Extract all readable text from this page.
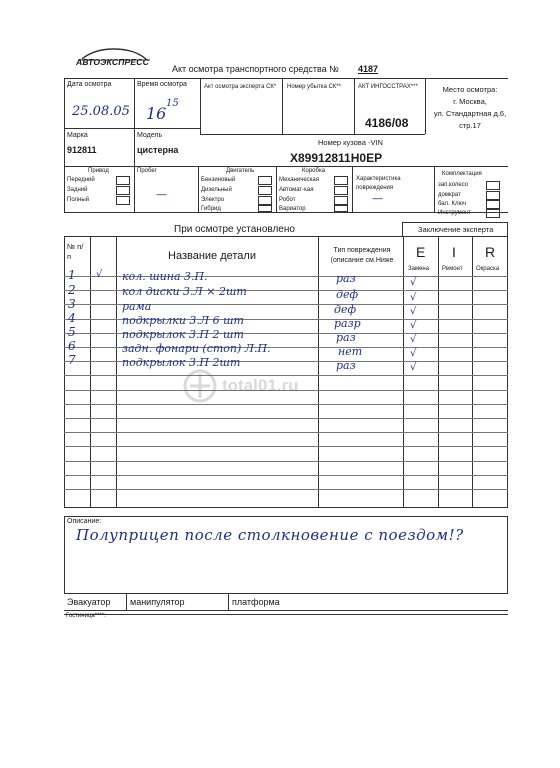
АВТОЭКСПРЕСС
Акт осмотра транспортного средства № 4187
Дата осмотра
25.08.05
Время осмотра
16
15
Акт осмотра эксперта СК* Номер убытка СК**	АКТ ИНГОССТРАХ***
4186/08
Место осмотра:
г. Москва,
ул. Стандартная д.6,
стр.17
Марка
912811
Модель
цистерна
Номер кузова -VIN
X89912811H0EP
Привод
Передний
Задний
Полный
Пробег
—
Двигатель
Бензиновый
Дизельный
Электро
Гибрид
Коробка
Механическая
Автомат-кая
Робот
Вариатор
Характеристика повреждения
—
Комплектация
зап.колесо
домкрат
бал. Ключ
Инструмент
При осмотре установлено	Заключение эксперта
№ п/п	Название детали	Тип повреждения (описание см.Ниже
E I R
Замена Ремонт Окраска
1 √ кол. шина 3.П.	раз	√
2	кол диски 3.Л × 2шт	деф	√
3	рама	деф	√
4	подкрылки 3.Л 6 шт	разр	√
5	подкрылок 3.П 2 шт	раз	√
6	задн. фонари (стоп) Л.П.	нет	√
7	подкрылок 3.П 2шт	раз	√
total01.ru
Описание:
Полуприцеп после столкновение с поездом!?
Эвакуатор манипулятор	платформа
Гостиница****:
